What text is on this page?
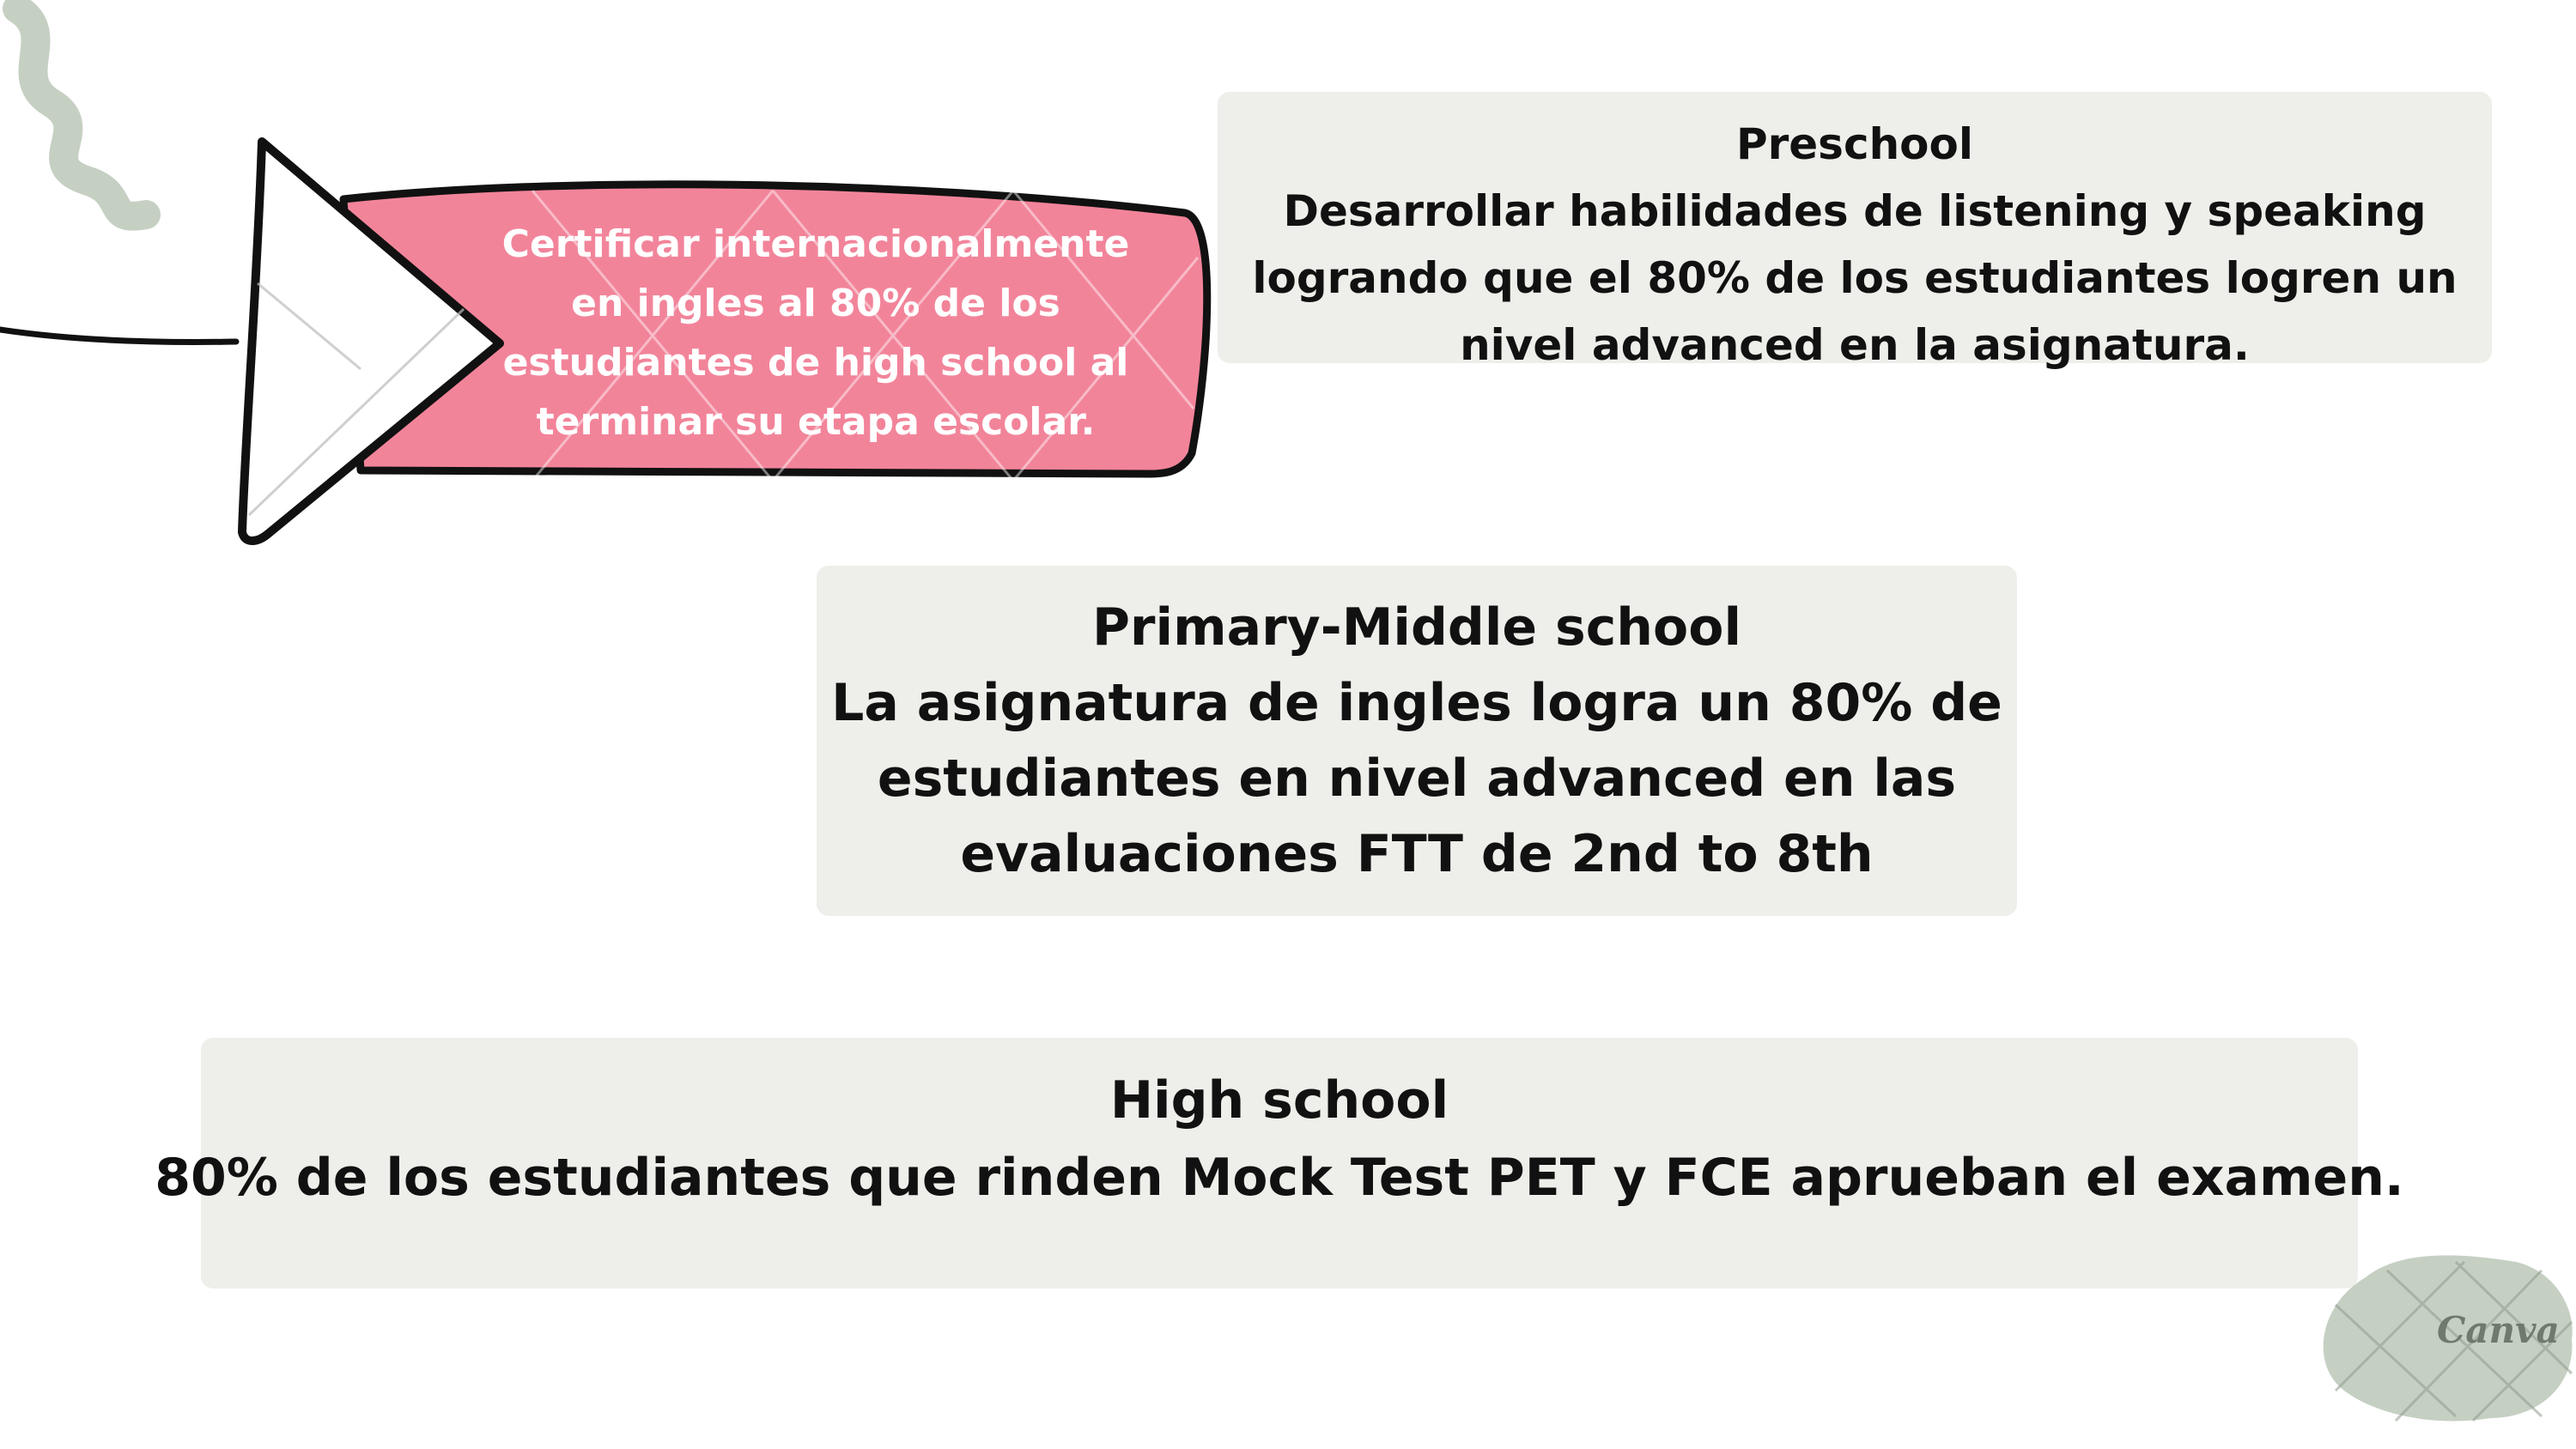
Certificar internacionalmente
en ingles al 80% de los
estudiantes de high school al
terminar su etapa escolar.
Preschool
Desarrollar habilidades de listening y speaking
logrando que el 80% de los estudiantes logren un
nivel advanced en la asignatura.
Primary-Middle school
La asignatura de ingles logra un 80% de
estudiantes en nivel advanced en las
evaluaciones FTT de 2nd to 8th
High school
80% de los estudiantes que rinden Mock Test PET y FCE aprueban el examen.
Canva
